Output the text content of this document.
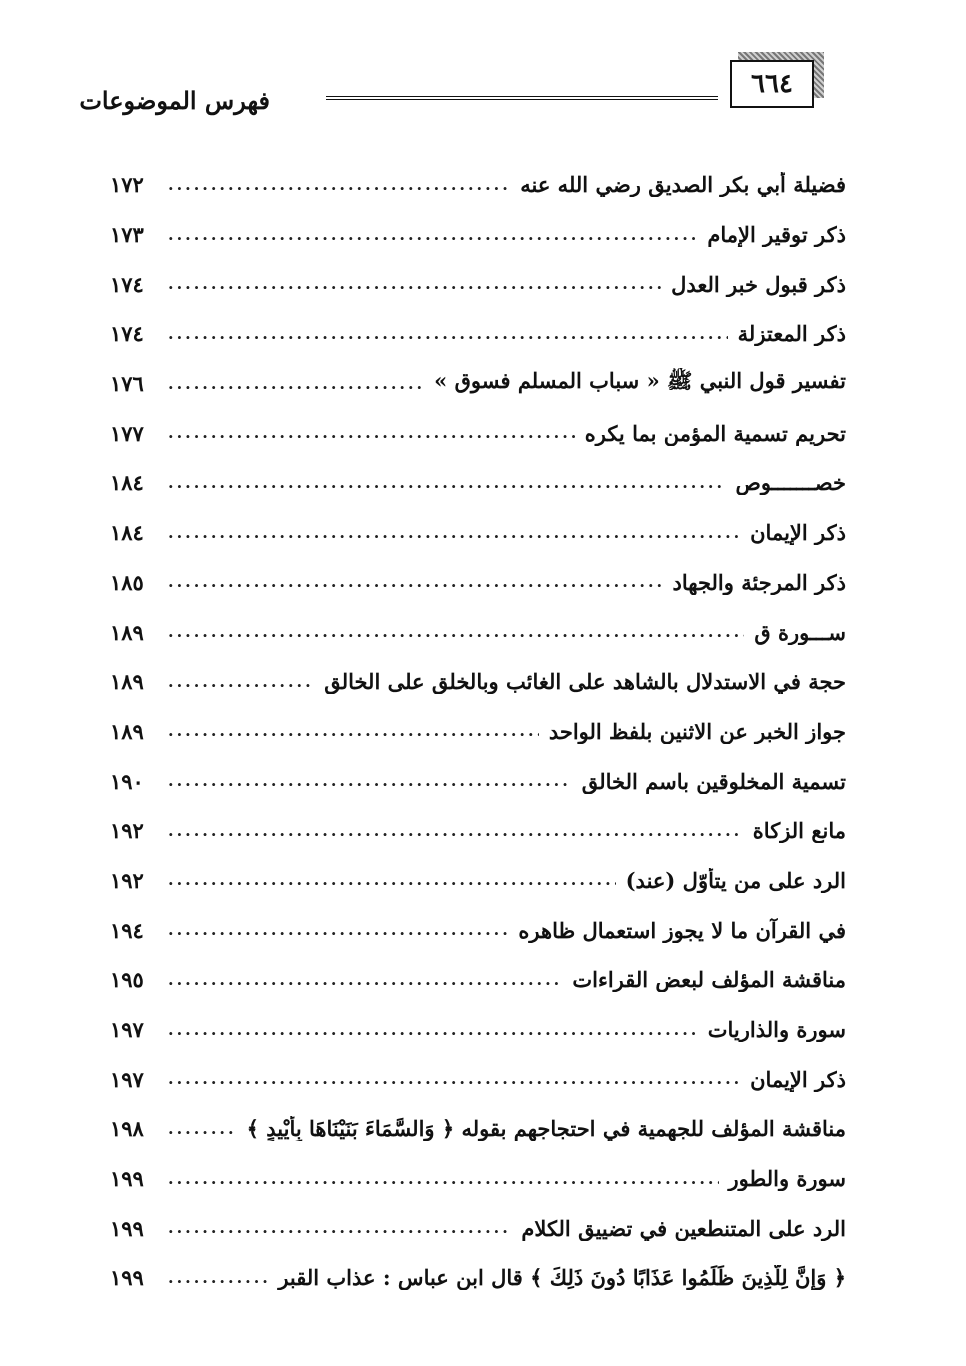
فهرس الموضوعات
٦٦٤
فضيلة أبي بكر الصديق رضي الله عنه
.....
١٧٢
ذكر توقير الإمام
.....
١٧٣
ذكر قبول خبر العدل
.....
١٧٤
ذكر المعتزلة
.....
١٧٤
تفسير قول النبي ﷺ « سباب المسلم فسوق »
.....
١٧٦
تحريم تسمية المؤمن بما يكره
.....
١٧٧
خصـــــــوص
.....
١٨٤
ذكر الإيمان
.....
١٨٤
ذكر المرجئة والجهاد
.....
١٨٥
ســـورة ق
.....
١٨٩
حجة في الاستدلال بالشاهد على الغائب وبالخلق على الخالق
.....
١٨٩
جواز الخبر عن الاثنين بلفظ الواحد
.....
١٨٩
تسمية المخلوقين باسم الخالق
.....
١٩٠
مانع الزكاة
.....
١٩٢
الرد على من يتأوّل (عند)
.....
١٩٢
في القرآن ما لا يجوز استعمال ظاهره
.....
١٩٤
مناقشة المؤلف لبعض القراءات
.....
١٩٥
سورة والذاريات
.....
١٩٧
ذكر الإيمان
.....
١٩٧
مناقشة المؤلف للجهمية في احتجاجهم بقوله ﴿ وَالسَّمَاءَ بَنَيْنَاهَا بِأَيْيدٍ ﴾
.....
١٩٨
سورة والطور
.....
١٩٩
الرد على المتنطعين في تضييق الكلام
.....
١٩٩
﴿ وَإِنَّ لِلَّذِينَ ظَلَمُوا عَذَابًا دُونَ ذَلِكَ ﴾ قال ابن عباس : عذاب القبر
.....
١٩٩
